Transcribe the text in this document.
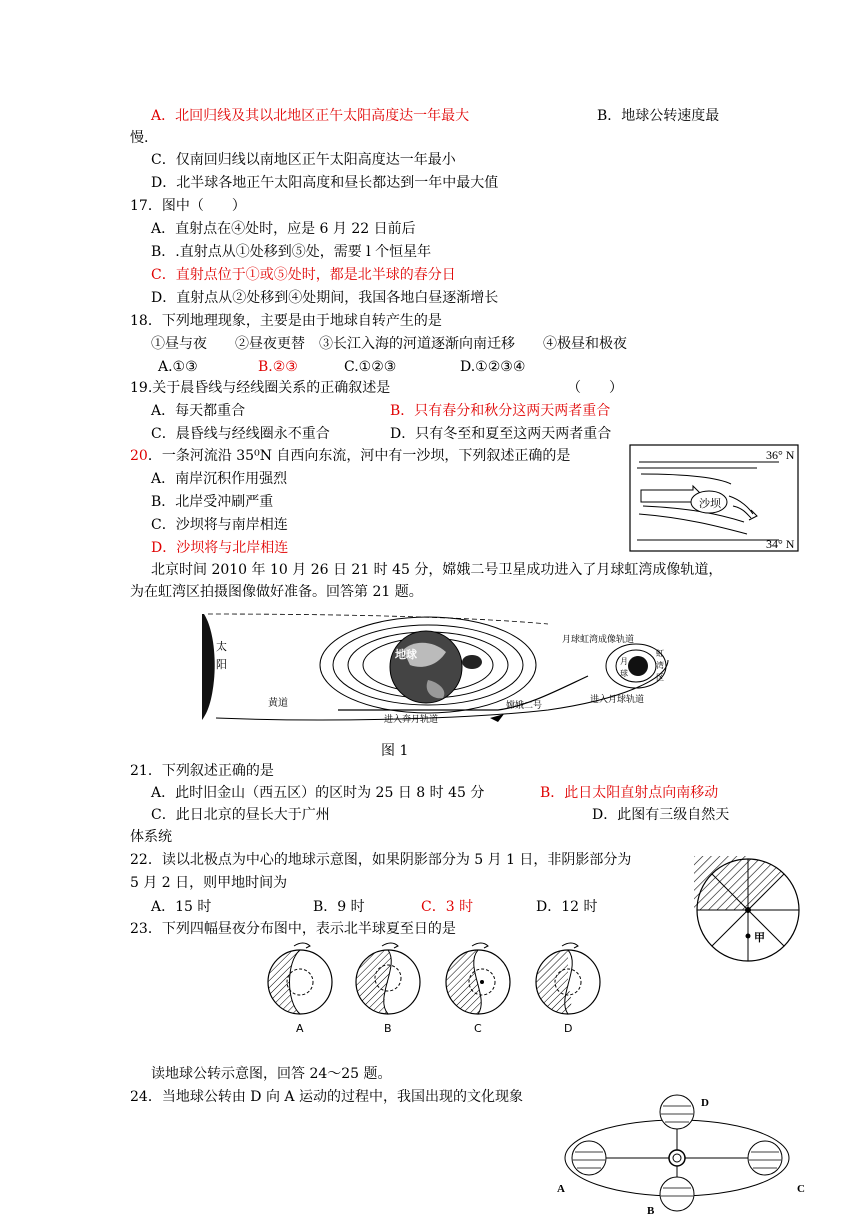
A．北回归线及其以北地区正午太阳高度达一年最大	B．地球公转速度最
慢.
C．仅南回归线以南地区正午太阳高度达一年最小
D．北半球各地正午太阳高度和昼长都达到一年中最大值
17．图中（　　）
A．直射点在④处时，应是 6 月 22 日前后
B．.直射点从①处移到⑤处，需要 l 个恒星年
C．直射点位于①或⑤处时，都是北半球的春分日
D．直射点从②处移到④处期间，我国各地白昼逐渐增长
18．下列地理现象，主要是由于地球自转产生的是
①昼与夜　　②昼夜更替　③长江入海的河道逐渐向南迁移　　④极昼和极夜
A.①③	B.②③	C.①②③	D.①②③④
19.关于晨昏线与经线圈关系的正确叙述是	（　　）
A．每天都重合	B．只有春分和秋分这两天两者重合
C．晨昏线与经线圈永不重合	D．只有冬至和夏至这两天两者重合
20．一条河流沿 35⁰N 自西向东流，河中有一沙坝，下列叙述正确的是
A．南岸沉积作用强烈
B．北岸受冲刷严重
C．沙坝将与南岸相连
D．沙坝将与北岸相连
36° N
34° N
沙坝
北京时间 2010 年 10 月 26 日 21 时 45 分，嫦娥二号卫星成功进入了月球虹湾成像轨道，
为在虹湾区拍摄图像做好准备。回答第 21 题。
太
阳
黄道
地球
进入奔月轨道
嫦娥二号
月球虹湾成像轨道
月
球
虹
湾
区
进入月球轨道
图 1
21．下列叙述正确的是
A．此时旧金山（西五区）的区时为 25 日 8 时 45 分	B．此日太阳直射点向南移动
C．此日北京的昼长大于广州	D．此图有三级自然天
体系统
22．读以北极点为中心的地球示意图，如果阴影部分为 5 月 1 日，非阴影部分为
5 月 2 日，则甲地时间为
A．15 时	B．9 时	C．3 时	D．12 时
甲
23．下列四幅昼夜分布图中，表示北半球夏至日的是
A	B	C	D
读地球公转示意图，回答 24～25 题。
24．当地球公转由 D 向 A 运动的过程中，我国出现的文化现象
A
B
C
D
